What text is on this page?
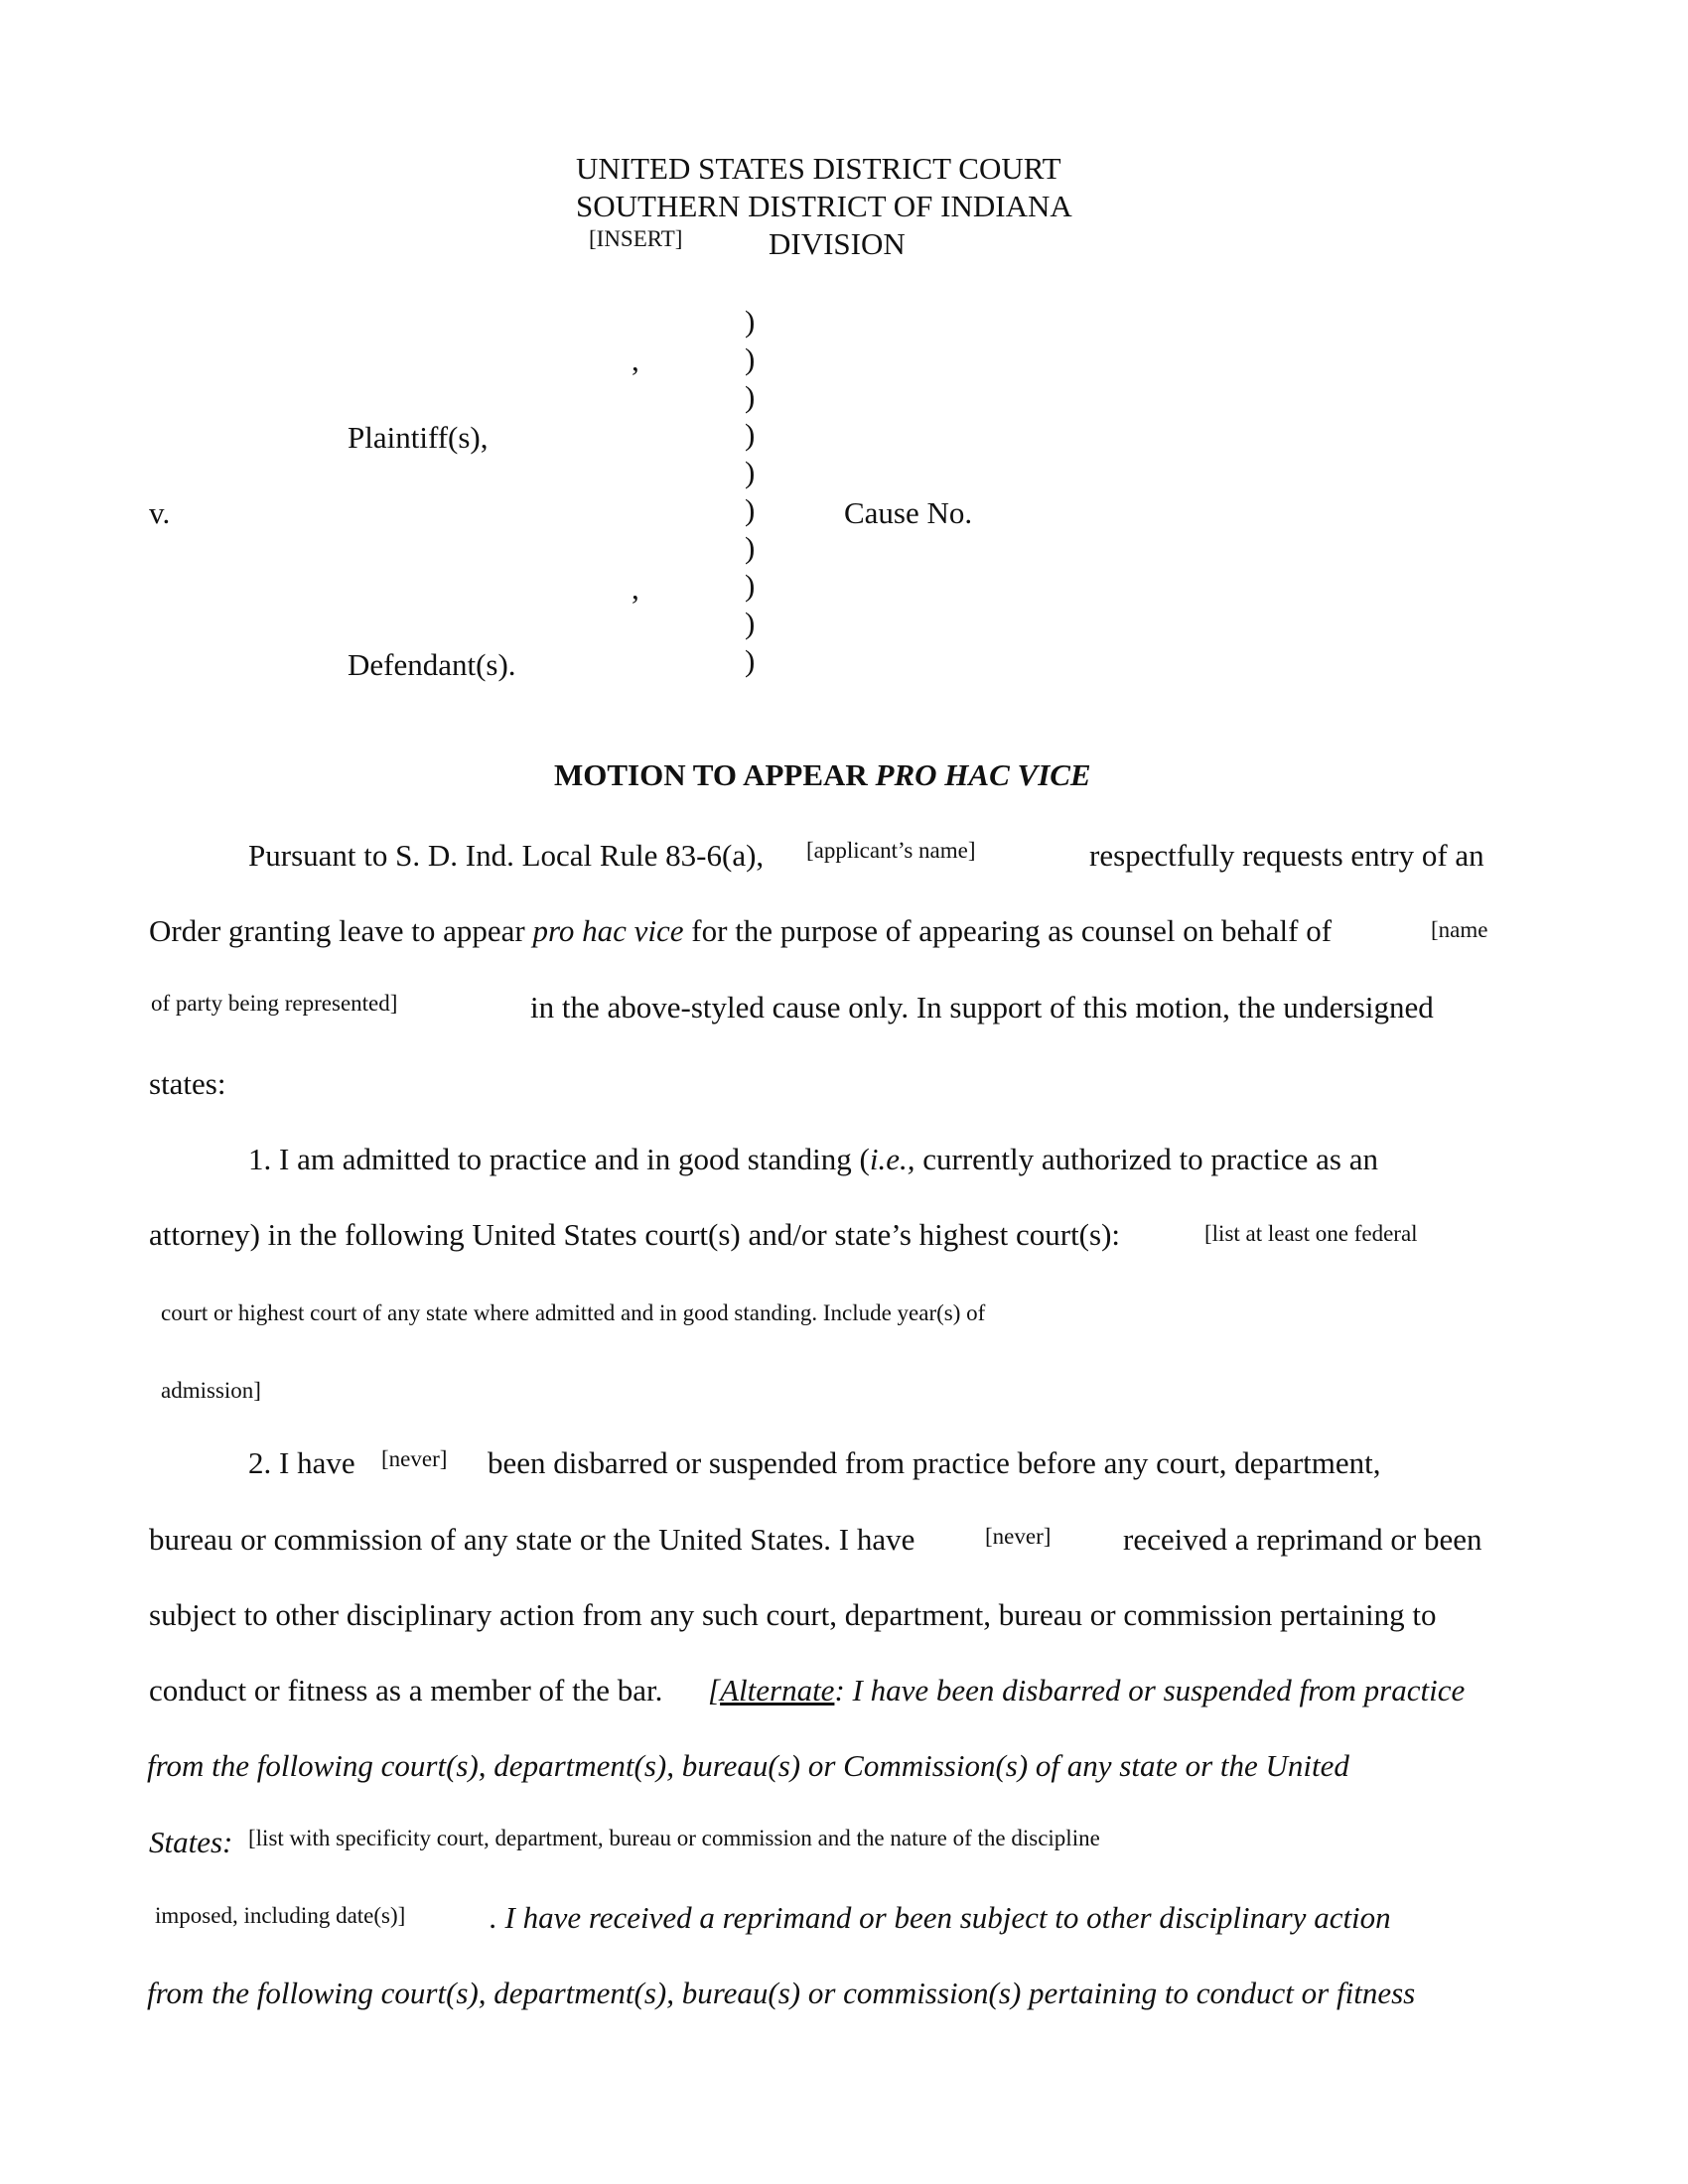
UNITED STATES DISTRICT COURT
SOUTHERN DISTRICT OF INDIANA
[INSERT]	DIVISION
)
)
)
)
)
)
)
)
)
)
,
Plaintiff(s),
v.	Cause No.
,
Defendant(s).
MOTION TO APPEAR PRO HAC VICE
Pursuant to S. D. Ind. Local Rule 83-6(a), [applicant’s name]	respectfully requests entry of an
Order granting leave to appear pro hac vice for the purpose of appearing as counsel on behalf of	[name
of party being represented]	in the above-styled cause only. In support of this motion, the undersigned
states:
1. I am admitted to practice and in good standing (i.e., currently authorized to practice as an
attorney) in the following United States court(s) and/or state’s highest court(s):	[list at least one federal
court or highest court of any state where admitted and in good standing. Include year(s) of
admission]
2. I have [never] been disbarred or suspended from practice before any court, department,
bureau or commission of any state or the United States. I have	[never] received a reprimand or been
subject to other disciplinary action from any such court, department, bureau or commission pertaining to
conduct or fitness as a member of the bar. [Alternate: I have been disbarred or suspended from practice
from the following court(s), department(s), bureau(s) or Commission(s) of any state or the United
States: [list with specificity court, department, bureau or commission and the nature of the discipline
imposed, including date(s)]	. I have received a reprimand or been subject to other disciplinary action
from the following court(s), department(s), bureau(s) or commission(s) pertaining to conduct or fitness
